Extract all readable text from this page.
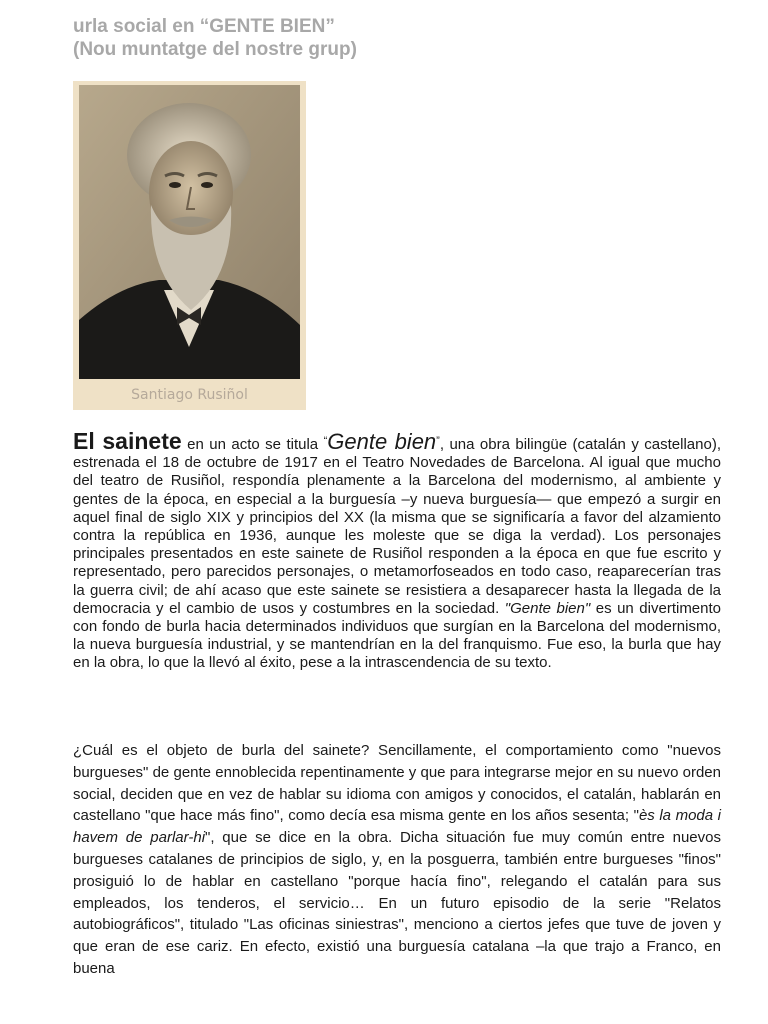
urla social en “GENTE BIEN”
(Nou muntatge del nostre grup)
Santiago Rusiñol

El sainete en un acto se titula “Gente bien”, una obra bilingüe (catalán y castellano), estrenada el 18 de octubre de 1917 en el Teatro Novedades de Barcelona. Al igual que mucho del teatro de Rusiñol, respondía plenamente a la Barcelona del modernismo, al ambiente y gentes de la época, en especial a la burguesía –y nueva burguesía— que empezó a surgir en aquel final de siglo XIX y principios del XX (la misma que se significaría a favor del alzamiento contra la república en 1936, aunque les moleste que se diga la verdad). Los personajes principales presentados en este sainete de Rusiñol responden a la época en que fue escrito y representado, pero parecidos personajes, o metamorfoseados en todo caso, reaparecerían tras la guerra civil; de ahí acaso que este sainete se resistiera a desaparecer hasta la llegada de la democracia y el cambio de usos y costumbres en la sociedad. "Gente bien" es un divertimento con fondo de burla hacia determinados individuos que surgían en la Barcelona del modernismo, la nueva burguesía industrial, y se mantendrían en la del franquismo. Fue eso, la burla que hay en la obra, lo que la llevó al éxito, pese a la intrascendencia de su texto.

¿Cuál es el objeto de burla del sainete? Sencillamente, el comportamiento como "nuevos burgueses" de gente ennoblecida repentinamente y que para integrarse mejor en su nuevo orden social, deciden que en vez de hablar su idioma con amigos y conocidos, el catalán, hablarán en castellano "que hace más fino", como decía esa misma gente en los años sesenta; "ès la moda i havem de parlar-hi", que se dice en la obra. Dicha situación fue muy común entre nuevos burgueses catalanes de principios de siglo, y, en la posguerra, también entre burgueses "finos" prosiguió lo de hablar en castellano "porque hacía fino", relegando el catalán para sus empleados, los tenderos, el servicio… En un futuro episodio de la serie "Relatos autobiográficos", titulado "Las oficinas siniestras", menciono a ciertos jefes que tuve de joven y que eran de ese cariz. En efecto, existió una burguesía catalana –la que trajo a Franco, en buena
